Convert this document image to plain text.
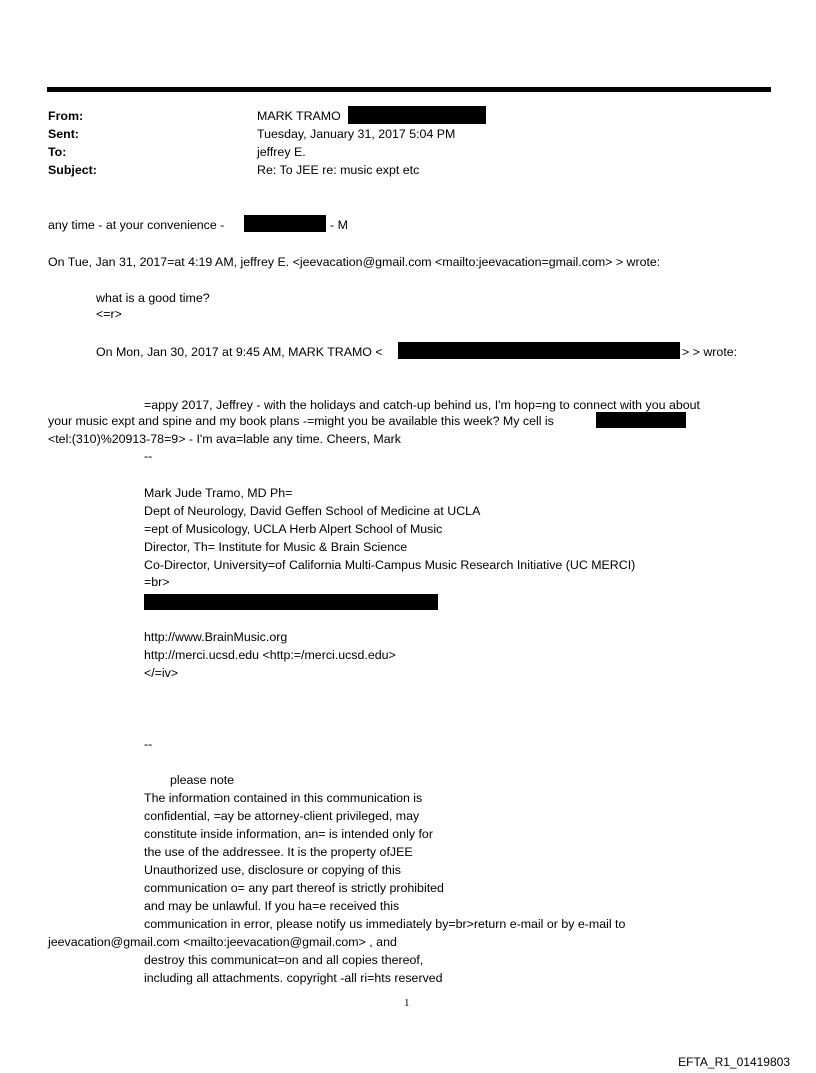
From:	MARK TRAMO
Sent:	Tuesday, January 31, 2017 5:04 PM
To:	jeffrey E.
Subject:	Re: To JEE re: music expt etc
any time - at your convenience -	- M
On Tue, Jan 31, 2017=at 4:19 AM, jeffrey E. <jeevacation@gmail.com <mailto:jeevacation=gmail.com> > wrote:
what is a good time?
<=r>
On Mon, Jan 30, 2017 at 9:45 AM, MARK TRAMO <	> > wrote:
=appy 2017, Jeffrey - with the holidays and catch-up behind us, I'm hop=ng to connect with you about
your music expt and spine and my book plans -=might you be available this week? My cell is
<tel:(310)%20913-78=9> - I'm ava=lable any time. Cheers, Mark
--
Mark Jude Tramo, MD Ph=
Dept of Neurology, David Geffen School of Medicine at UCLA
=ept of Musicology, UCLA Herb Alpert School of Music
Director, Th= Institute for Music & Brain Science
Co-Director, University=of California Multi-Campus Music Research Initiative (UC MERCI)
=br>
http://www.BrainMusic.org
http://merci.ucsd.edu <http:=/merci.ucsd.edu>
</=iv>
--
please note
The information contained in this communication is
confidential, =ay be attorney-client privileged, may
constitute inside information, an= is intended only for
the use of the addressee. It is the property ofJEE
Unauthorized use, disclosure or copying of this
communication o= any part thereof is strictly prohibited
and may be unlawful. If you ha=e received this
communication in error, please notify us immediately by=br>return e-mail or by e-mail to
jeevacation@gmail.com <mailto:jeevacation@gmail.com> , and
destroy this communicat=on and all copies thereof,
including all attachments. copyright -all ri=hts reserved
1
EFTA_R1_01419803
